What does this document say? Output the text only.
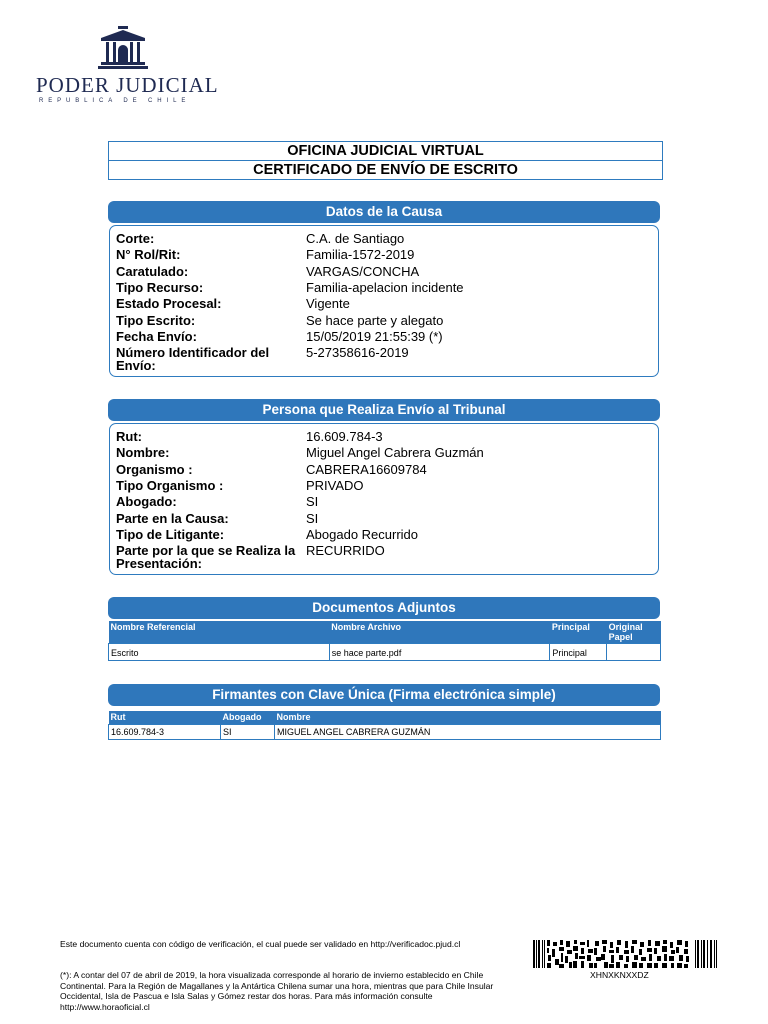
PODER JUDICIAL
REPUBLICA DE CHILE
OFICINA JUDICIAL VIRTUAL
CERTIFICADO DE ENVÍO DE ESCRITO
Datos de la Causa
Corte:	C.A. de Santiago
N° Rol/Rit:	Familia-1572-2019
Caratulado:	VARGAS/CONCHA
Tipo Recurso:	Familia-apelacion incidente
Estado Procesal:	Vigente
Tipo Escrito:	Se hace parte y alegato
Fecha Envío:	15/05/2019 21:55:39 (*)
Número Identificador del Envío:
5-27358616-2019
Persona que Realiza Envío al Tribunal
Rut:	16.609.784-3
Nombre:	Miguel Angel Cabrera Guzmán
Organismo :	CABRERA16609784
Tipo Organismo :	PRIVADO
Abogado:	SI
Parte en la Causa:	SI
Tipo de Litigante:	Abogado Recurrido
Parte por la que se Realiza la Presentación:
RECURRIDO
Documentos Adjuntos
Nombre Referencial	Nombre Archivo	Principal	Original Papel
Escrito	se hace parte.pdf	Principal	
Firmantes con Clave Única (Firma electrónica simple)
Rut	Abogado	Nombre
16.609.784-3	SI	MIGUEL ANGEL CABRERA GUZMÁN
Este documento cuenta con código de verificación, el cual puede ser validado en http://verificadoc.pjud.cl
(*): A contar del 07 de abril de 2019, la hora visualizada corresponde al horario de invierno establecido en Chile Continental. Para la Región de Magallanes y la Antártica Chilena sumar una hora, mientras que para Chile Insular Occidental, Isla de Pascua e Isla Salas y Gómez restar dos horas. Para más información consulte http://www.horaoficial.cl
XHNXKNXXDZ
